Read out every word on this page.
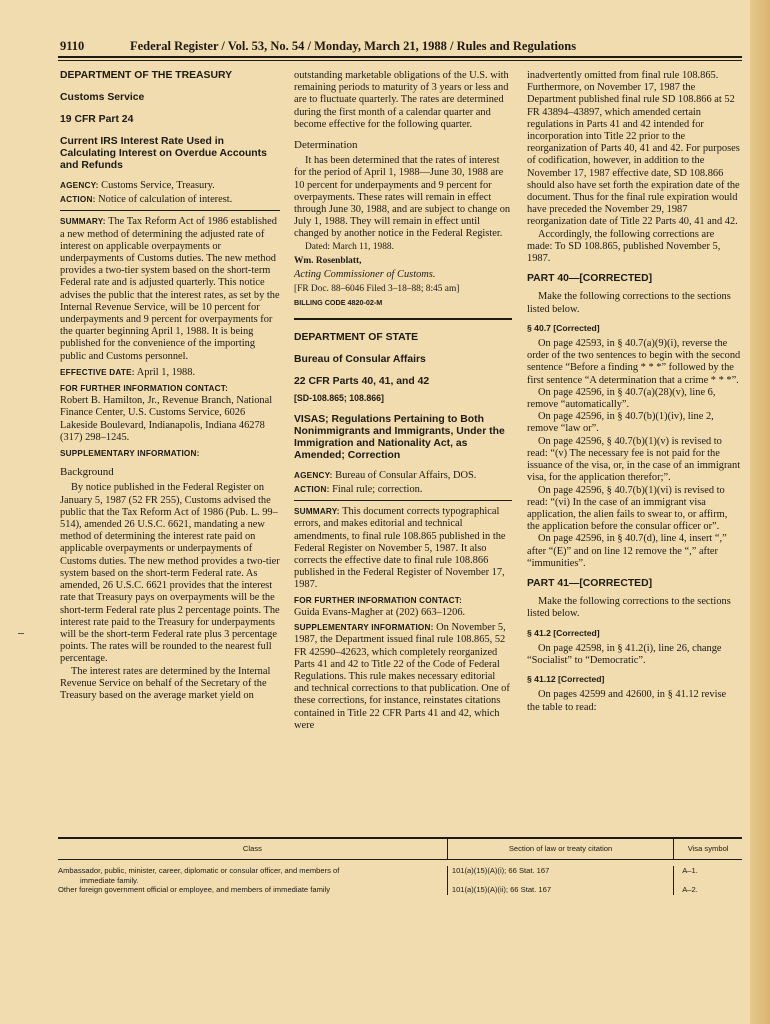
9110	Federal Register / Vol. 53, No. 54 / Monday, March 21, 1988 / Rules and Regulations
DEPARTMENT OF THE TREASURY
Customs Service
19 CFR Part 24
Current IRS Interest Rate Used in Calculating Interest on Overdue Accounts and Refunds

AGENCY: Customs Service, Treasury.

ACTION: Notice of calculation of interest.

SUMMARY: The Tax Reform Act of 1986 established a new method of determining the adjusted rate of interest on applicable overpayments or underpayments of Customs duties. The new method provides a two-tier system based on the short-term Federal rate and is adjusted quarterly. This notice advises the public that the interest rates, as set by the Internal Revenue Service, will be 10 percent for underpayments and 9 percent for overpayments for the quarter beginning April 1, 1988. It is being published for the convenience of the importing public and Customs personnel.

EFFECTIVE DATE: April 1, 1988.

FOR FURTHER INFORMATION CONTACT:
Robert B. Hamilton, Jr., Revenue Branch, National Finance Center, U.S. Customs Service, 6026 Lakeside Boulevard, Indianapolis, Indiana 46278 (317) 298–1245.

SUPPLEMENTARY INFORMATION:

Background

By notice published in the Federal Register on January 5, 1987 (52 FR 255), Customs advised the public that the Tax Reform Act of 1986 (Pub. L. 99–514), amended 26 U.S.C. 6621, mandating a new method of determining the interest rate paid on applicable overpayments or underpayments of Customs duties. The new method provides a two-tier system based on the short-term Federal rate. As amended, 26 U.S.C. 6621 provides that the interest rate that Treasury pays on overpayments will be the short-term Federal rate plus 2 percentage points. The interest rate paid to the Treasury for underpayments will be the short-term Federal rate plus 3 percentage points. The rates will be rounded to the nearest full percentage.

The interest rates are determined by the Internal Revenue Service on behalf of the Secretary of the Treasury based on the average market yield on

outstanding marketable obligations of the U.S. with remaining periods to maturity of 3 years or less and are to fluctuate quarterly. The rates are determined during the first month of a calendar quarter and become effective for the following quarter.

Determination

It has been determined that the rates of interest for the period of April 1, 1988—June 30, 1988 are 10 percent for underpayments and 9 percent for overpayments. These rates will remain in effect through June 30, 1988, and are subject to change on July 1, 1988. They will remain in effect until changed by another notice in the Federal Register.

Dated: March 11, 1988.

Wm. Rosenblatt,

Acting Commissioner of Customs.

[FR Doc. 88–6046 Filed 3–18–88; 8:45 am]

BILLING CODE 4820-02-M

DEPARTMENT OF STATE
Bureau of Consular Affairs
22 CFR Parts 40, 41, and 42
[SD-108.865; 108.866]
VISAS; Regulations Pertaining to Both Nonimmigrants and Immigrants, Under the Immigration and Nationality Act, as Amended; Correction

AGENCY: Bureau of Consular Affairs, DOS.

ACTION: Final rule; correction.

SUMMARY: This document corrects typographical errors, and makes editorial and technical amendments, to final rule 108.865 published in the Federal Register on November 5, 1987. It also corrects the effective date to final rule 108.866 published in the Federal Register of November 17, 1987.

FOR FURTHER INFORMATION CONTACT:
Guida Evans-Magher at (202) 663–1206.

SUPPLEMENTARY INFORMATION: On November 5, 1987, the Department issued final rule 108.865, 52 FR 42590–42623, which completely reorganized Parts 41 and 42 to Title 22 of the Code of Federal Regulations. This rule makes necessary editorial and technical corrections to that publication. One of these corrections, for instance, reinstates citations contained in Title 22 CFR Parts 41 and 42, which were

inadvertently omitted from final rule 108.865. Furthermore, on November 17, 1987 the Department published final rule SD 108.866 at 52 FR 43894–43897, which amended certain regulations in Parts 41 and 42 intended for incorporation into Title 22 prior to the reorganization of Parts 40, 41 and 42. For purposes of codification, however, in addition to the November 17, 1987 effective date, SD 108.866 should also have set forth the expiration date of the document. Thus for the final rule expiration would have preceded the November 29, 1987 reorganization date of Title 22 Parts 40, 41 and 42.

Accordingly, the following corrections are made: To SD 108.865, published November 5, 1987.

PART 40—[CORRECTED]

Make the following corrections to the sections listed below.

§ 40.7 [Corrected]

On page 42593, in § 40.7(a)(9)(i), reverse the order of the two sentences to begin with the second sentence “Before a finding * * *” followed by the first sentence “A determination that a crime * * *”.

On page 42596, in § 40.7(a)(28)(v), line 6, remove “automatically”.

On page 42596, in § 40.7(b)(1)(iv), line 2, remove “law or”.

On page 42596, § 40.7(b)(1)(v) is revised to read: “(v) The necessary fee is not paid for the issuance of the visa, or, in the case of an immigrant visa, for the application therefor;”.

On page 42596, § 40.7(b)(1)(vi) is revised to read: “(vi) In the case of an immigrant visa application, the alien fails to swear to, or affirm, the application before the consular officer or”.

On page 42596, in § 40.7(d), line 4, insert “,” after “(E)” and on line 12 remove the “,” after “immunities”.

PART 41—[CORRECTED]

Make the following corrections to the sections listed below.

§ 41.2 [Corrected]

On page 42598, in § 41.2(i), line 26, change “Socialist” to “Democratic”.

§ 41.12 [Corrected]

On pages 42599 and 42600, in § 41.12 revise the table to read:

Class	Section of law or treaty citation	Visa symbol
Ambassador, public, minister, career, diplomatic or consular officer, and members of
immediate family.
101(a)(15)(A)(i); 66 Stat. 167	A–1.
Other foreign government official or employee, and members of immediate family	101(a)(15)(A)(ii); 66 Stat. 167	A–2.
